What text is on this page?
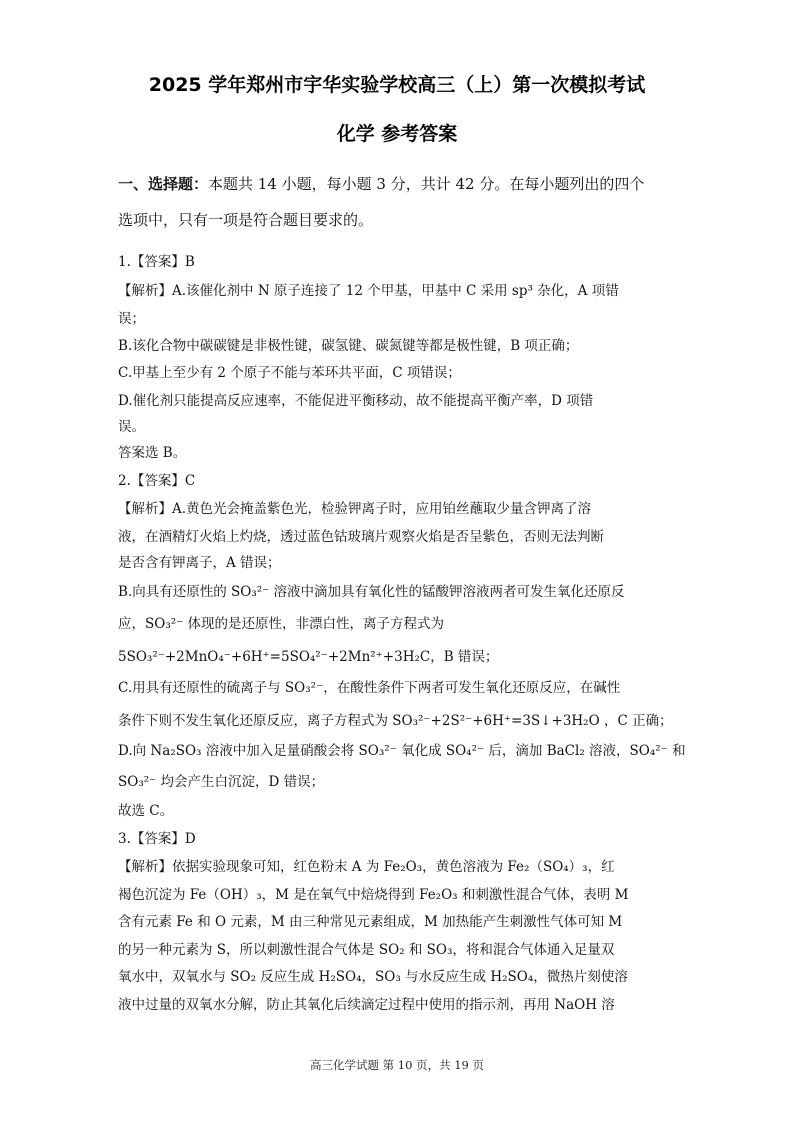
2025 学年郑州市宇华实验学校高三（上）第一次模拟考试
化学 参考答案
一、选择题：本题共 14 小题，每小题 3 分，共计 42 分。在每小题列出的四个
选项中，只有一项是符合题目要求的。
1.【答案】B
【解析】A.该催化剂中 N 原子连接了 12 个甲基，甲基中 C 采用 sp³ 杂化，A 项错
误；
B.该化合物中碳碳键是非极性键，碳氢键、碳氮键等都是极性键，B 项正确；
C.甲基上至少有 2 个原子不能与苯环共平面，C 项错误；
D.催化剂只能提高反应速率，不能促进平衡移动，故不能提高平衡产率，D 项错
误。
答案选 B。
2.【答案】C
【解析】A.黄色光会掩盖紫色光，检验钾离子时，应用铂丝蘸取少量含钾离了溶
液，在酒精灯火焰上灼烧，透过蓝色钴玻璃片观察火焰是否呈紫色，否则无法判断
是否含有钾离子，A 错误；
B.向具有还原性的 SO₃²⁻ 溶液中滴加具有氧化性的锰酸钾溶液两者可发生氧化还原反
应，SO₃²⁻ 体现的是还原性，非漂白性，离子方程式为
5SO₃²⁻+2MnO₄⁻+6H⁺=5SO₄²⁻+2Mn²⁺+3H₂C，B 错误；
C.用具有还原性的硫离子与 SO₃²⁻，在酸性条件下两者可发生氧化还原反应，在碱性
条件下则不发生氧化还原反应，离子方程式为 SO₃²⁻+2S²⁻+6H⁺=3S↓+3H₂O ，C 正确；
D.向 Na₂SO₃ 溶液中加入足量硝酸会将 SO₃²⁻ 氧化成 SO₄²⁻ 后，滴加 BaCl₂ 溶液，SO₄²⁻ 和
SO₃²⁻ 均会产生白沉淀，D 错误；
故选 C。
3.【答案】D
【解析】依据实验现象可知，红色粉末 A 为 Fe₂O₃，黄色溶液为 Fe₂（SO₄）₃，红
褐色沉淀为 Fe（OH）₃，M 是在氧气中焙烧得到 Fe₂O₃ 和刺激性混合气体，表明 M
含有元素 Fe 和 O 元素，M 由三种常见元素组成，M 加热能产生刺激性气体可知 M
的另一种元素为 S，所以刺激性混合气体是 SO₂ 和 SO₃，将和混合气体通入足量双
氧水中，双氧水与 SO₂ 反应生成 H₂SO₄，SO₃ 与水反应生成 H₂SO₄，微热片刻使溶
液中过量的双氧水分解，防止其氧化后续滴定过程中使用的指示剂，再用 NaOH 溶
高三化学试题 第 10 页，共 19 页
